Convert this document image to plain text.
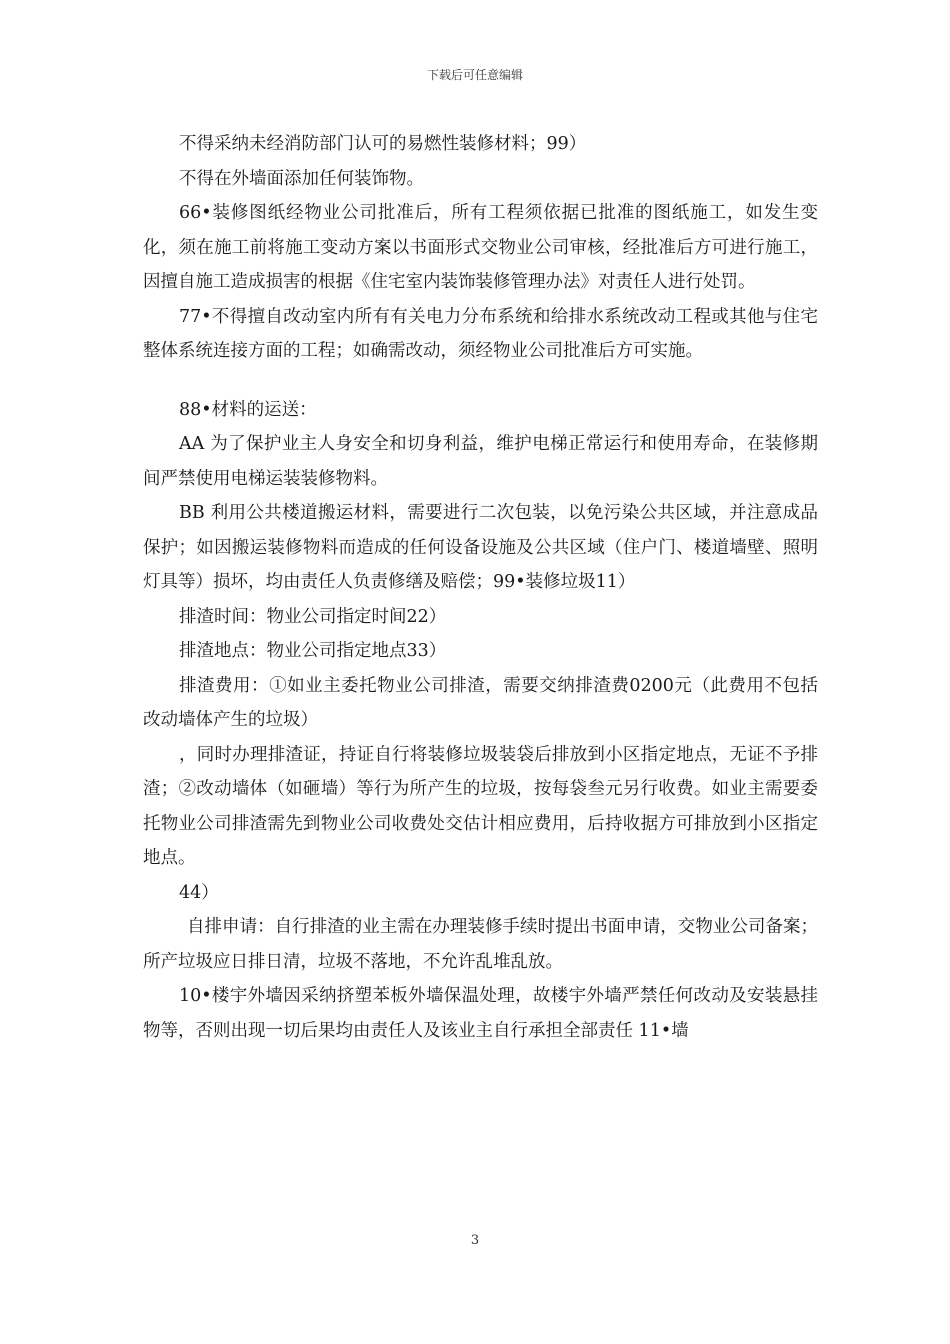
下载后可任意编辑

不得采纳未经消防部门认可的易燃性装修材料；99）

不得在外墙面添加任何装饰物。

66•装修图纸经物业公司批准后，所有工程须依据已批准的图纸施工，如发生变化，须在施工前将施工变动方案以书面形式交物业公司审核，经批准后方可进行施工，因擅自施工造成损害的根据《住宅室内装饰装修管理办法》对责任人进行处罚。

77•不得擅自改动室内所有有关电力分布系统和给排水系统改动工程或其他与住宅整体系统连接方面的工程；如确需改动，须经物业公司批准后方可实施。

88•材料的运送：

AA 为了保护业主人身安全和切身利益，维护电梯正常运行和使用寿命，在装修期间严禁使用电梯运装装修物料。

BB 利用公共楼道搬运材料，需要进行二次包装，以免污染公共区域，并注意成品保护；如因搬运装修物料而造成的任何设备设施及公共区域（住户门、楼道墙壁、照明灯具等）损坏，均由责任人负责修缮及赔偿；99•装修垃圾11）

排渣时间：物业公司指定时间22）

排渣地点：物业公司指定地点33）

排渣费用：①如业主委托物业公司排渣，需要交纳排渣费0200元（此费用不包括改动墙体产生的垃圾）

，同时办理排渣证，持证自行将装修垃圾装袋后排放到小区指定地点，无证不予排渣；②改动墙体（如砸墙）等行为所产生的垃圾，按每袋叁元另行收费。如业主需要委托物业公司排渣需先到物业公司收费处交估计相应费用，后持收据方可排放到小区指定地点。

44）

自排申请：自行排渣的业主需在办理装修手续时提出书面申请，交物业公司备案；所产垃圾应日排日清，垃圾不落地，不允许乱堆乱放。

10•楼宇外墙因采纳挤塑苯板外墙保温处理，故楼宇外墙严禁任何改动及安装悬挂物等，否则出现一切后果均由责任人及该业主自行承担全部责任 11•墙

3
